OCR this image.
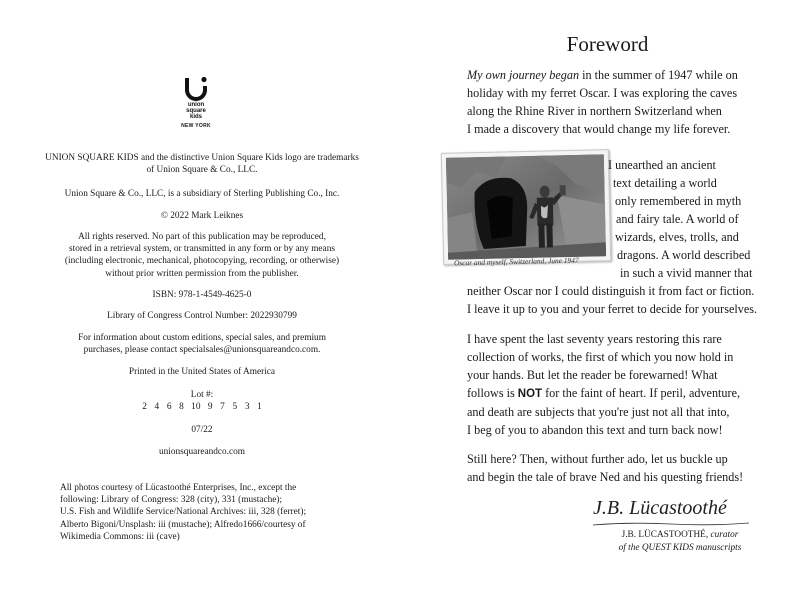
union
square
kids
NEW YORK

UNION SQUARE KIDS and the distinctive Union Square Kids logo are trademarks of Union Square & Co., LLC.

Union Square & Co., LLC, is a subsidiary of Sterling Publishing Co., Inc.

© 2022 Mark Leiknes

All rights reserved. No part of this publication may be reproduced,

stored in a retrieval system, or transmitted in any form or by any means

(including electronic, mechanical, photocopying, recording, or otherwise)

without prior written permission from the publisher.

ISBN: 978-1-4549-4625-0

Library of Congress Control Number: 2022930799

For information about custom editions, special sales, and premium

purchases, please contact specialsales@unionsquareandco.com.

Printed in the United States of America

Lot #:

2 4 6 8 10 9 7 5 3 1

07/22

unionsquareandco.com

All photos courtesy of Lücastoothé Enterprises, Inc., except the

following: Library of Congress: 328 (city), 331 (mustache);

U.S. Fish and Wildlife Service/National Archives: iii, 328 (ferret);

Alberto Bigoni/Unsplash: iii (mustache); Alfredo1666/courtesy of

Wikimedia Commons: iii (cave)

Foreword

My own journey began in the summer of 1947 while on
holiday with my ferret Oscar. I was exploring the caves
along the Rhine River in northern Switzerland when
I made a discovery that would change my life forever.

Oscar and myself, Switzerland, June 1947

I unearthed an ancient
text detailing a world
only remembered in myth
and fairy tale. A world of
wizards, elves, trolls, and
dragons. A world described
in such a vivid manner that
neither Oscar nor I could distinguish it from fact or fiction.
I leave it up to you and your ferret to decide for yourselves.

I have spent the last seventy years restoring this rare
collection of works, the first of which you now hold in
your hands. But let the reader be forewarned! What
follows is NOT for the faint of heart. If peril, adventure,
and death are subjects that you're just not all that into,
I beg of you to abandon this text and turn back now!

Still here? Then, without further ado, let us buckle up
and begin the tale of brave Ned and his questing friends!

J.B. Lücastoothé
J.B. LÜCASTOOTHÉ, curator
of the QUEST KIDS manuscripts
